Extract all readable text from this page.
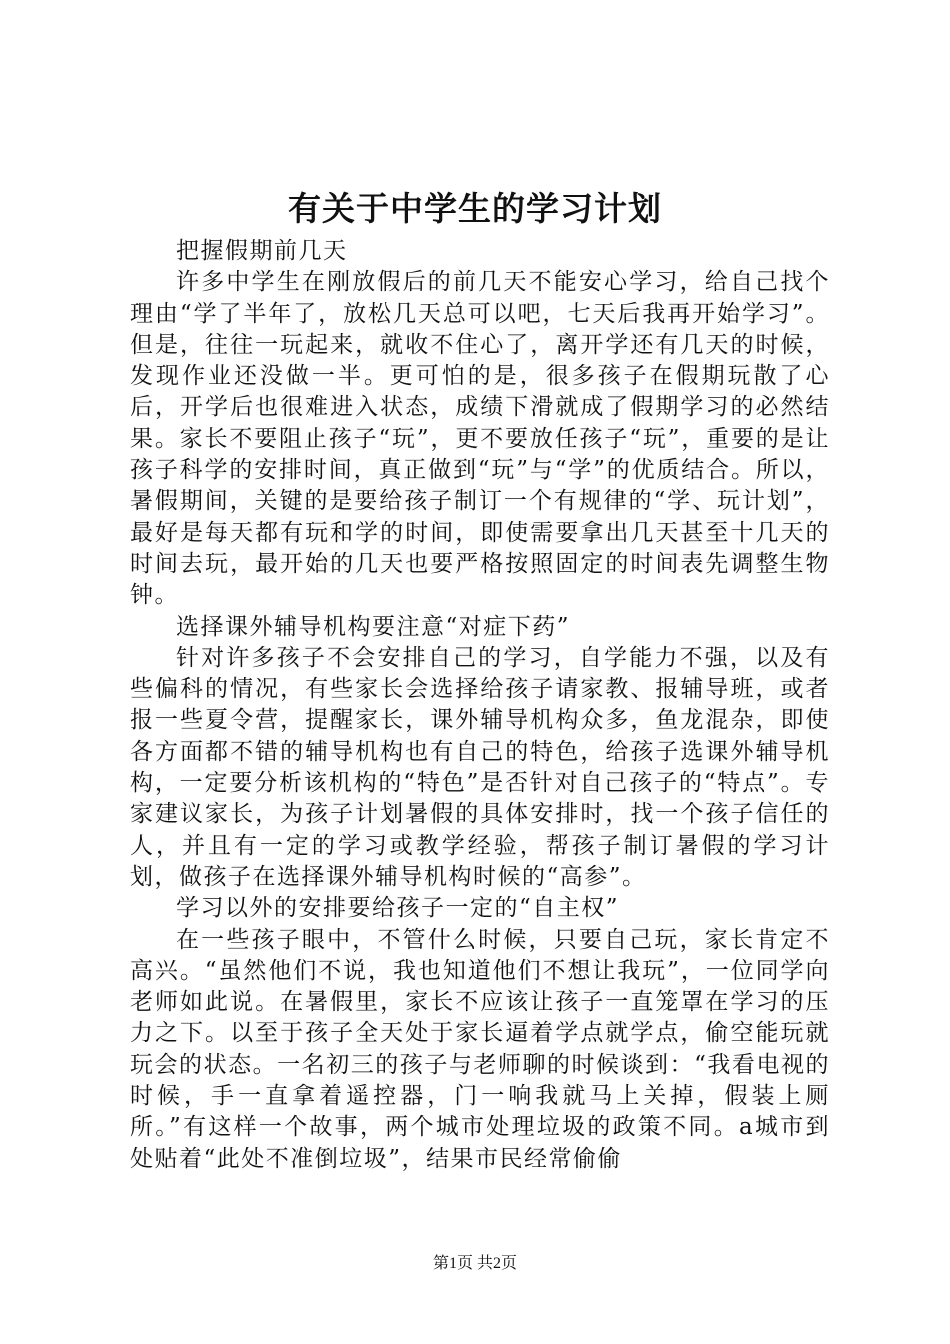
有关于中学生的学习计划

把握假期前几天

许多中学生在刚放假后的前几天不能安心学习，给自己找个理由“学了半年了，放松几天总可以吧，七天后我再开始学习”。但是，往往一玩起来，就收不住心了，离开学还有几天的时候，发现作业还没做一半。更可怕的是，很多孩子在假期玩散了心后，开学后也很难进入状态，成绩下滑就成了假期学习的必然结果。家长不要阻止孩子“玩”，更不要放任孩子“玩”，重要的是让孩子科学的安排时间，真正做到“玩”与“学”的优质结合。所以，暑假期间，关键的是要给孩子制订一个有规律的“学、玩计划”，最好是每天都有玩和学的时间，即使需要拿出几天甚至十几天的时间去玩，最开始的几天也要严格按照固定的时间表先调整生物钟。

选择课外辅导机构要注意“对症下药”

针对许多孩子不会安排自己的学习，自学能力不强，以及有些偏科的情况，有些家长会选择给孩子请家教、报辅导班，或者报一些夏令营，提醒家长，课外辅导机构众多，鱼龙混杂，即使各方面都不错的辅导机构也有自己的特色，给孩子选课外辅导机构，一定要分析该机构的“特色”是否针对自己孩子的“特点”。专家建议家长，为孩子计划暑假的具体安排时，找一个孩子信任的人，并且有一定的学习或教学经验，帮孩子制订暑假的学习计划，做孩子在选择课外辅导机构时候的“高参”。

学习以外的安排要给孩子一定的“自主权”

在一些孩子眼中，不管什么时候，只要自己玩，家长肯定不高兴。“虽然他们不说，我也知道他们不想让我玩”，一位同学向老师如此说。在暑假里，家长不应该让孩子一直笼罩在学习的压力之下。以至于孩子全天处于家长逼着学点就学点，偷空能玩就玩会的状态。一名初三的孩子与老师聊的时候谈到：“我看电视的时候，手一直拿着遥控器，门一响我就马上关掉，假装上厕所。”有这样一个故事，两个城市处理垃圾的政策不同。a城市到处贴着“此处不准倒垃圾”，结果市民经常偷偷

第1页 共2页
